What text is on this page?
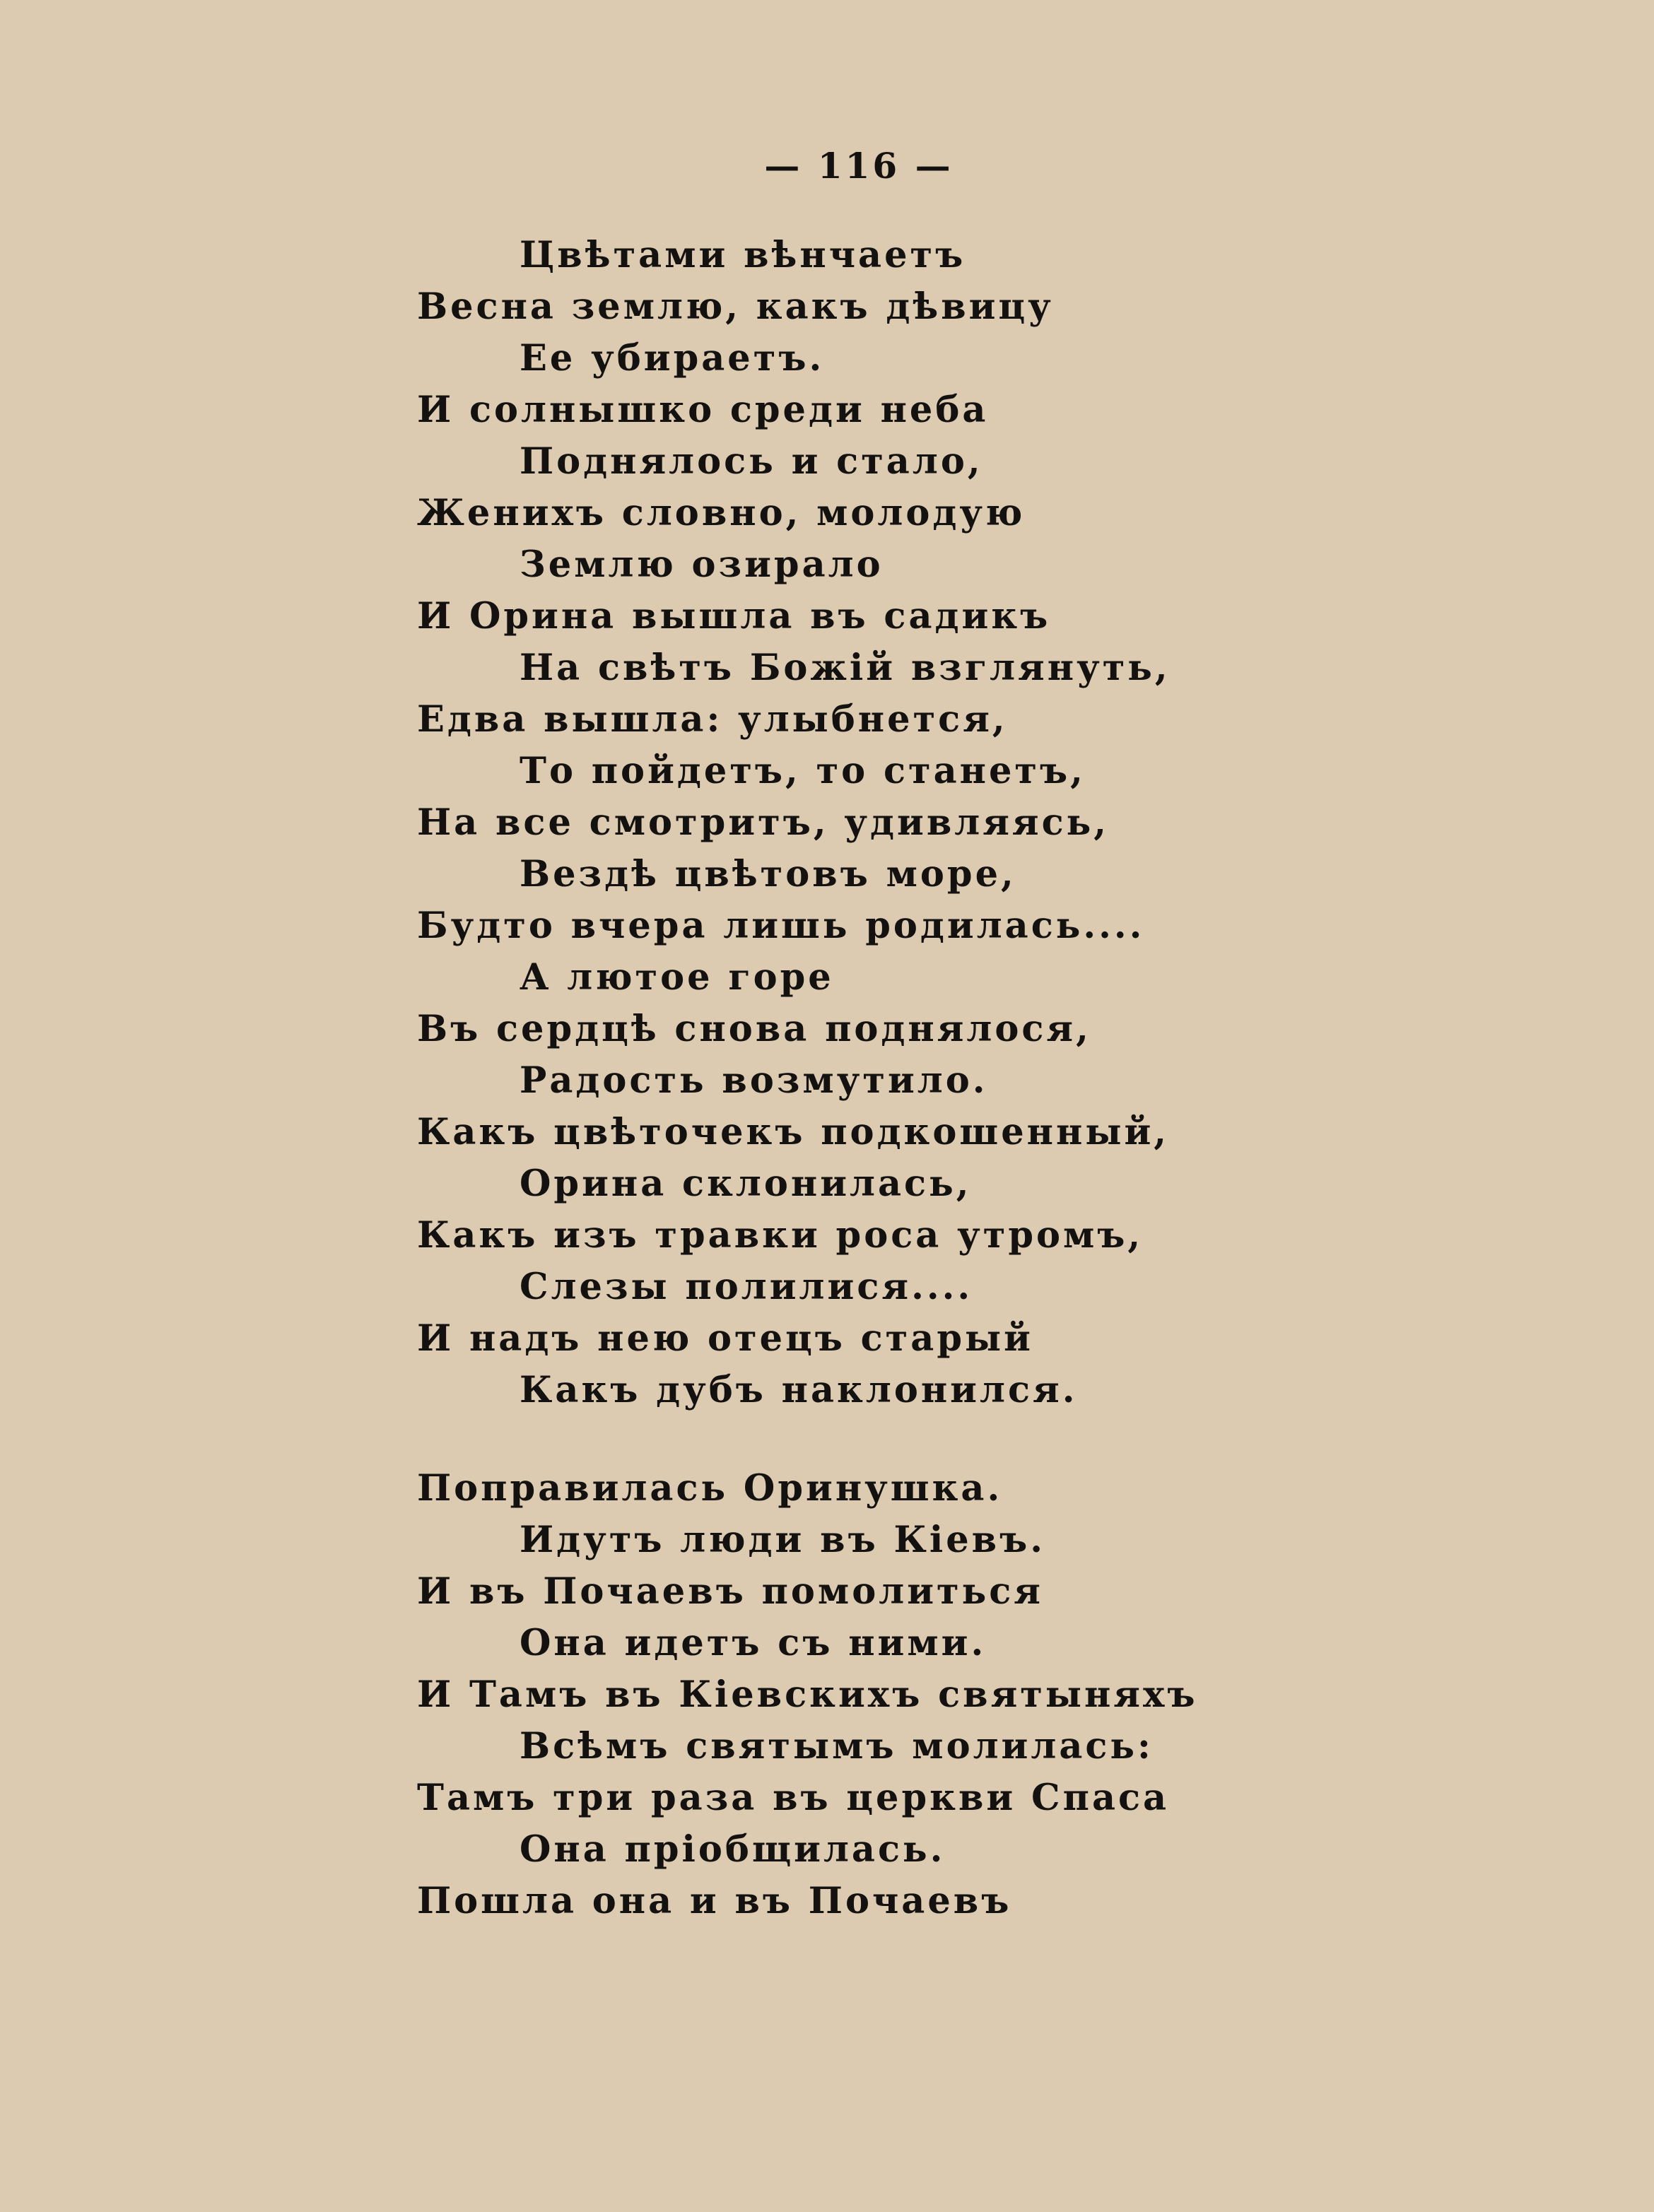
— 116 —
Цвѣтами вѣнчаетъ
Весна землю, какъ дѣвицу
Ее убираетъ.
И солнышко среди неба
Поднялось и стало,
Женихъ словно, молодую
Землю озирало
И Орина вышла въ садикъ
На свѣтъ Божій взглянуть,
Едва вышла: улыбнется,
То пойдетъ, то станетъ,
На все смотритъ, удивляясь,
Вездѣ цвѣтовъ море,
Будто вчера лишь родилась....
А лютое горе
Въ сердцѣ снова поднялося,
Радость возмутило.
Какъ цвѣточекъ подкошенный,
Орина склонилась,
Какъ изъ травки роса утромъ,
Слезы полилися....
И надъ нею отецъ старый
Какъ дубъ наклонился.
Поправилась Оринушка.
Идутъ люди въ Кіевъ.
И въ Почаевъ помолиться
Она идетъ съ ними.
И Тамъ въ Кіевскихъ святыняхъ
Всѣмъ святымъ молилась:
Тамъ три раза въ церкви Спаса
Она пріобщилась.
Пошла она и въ Почаевъ
